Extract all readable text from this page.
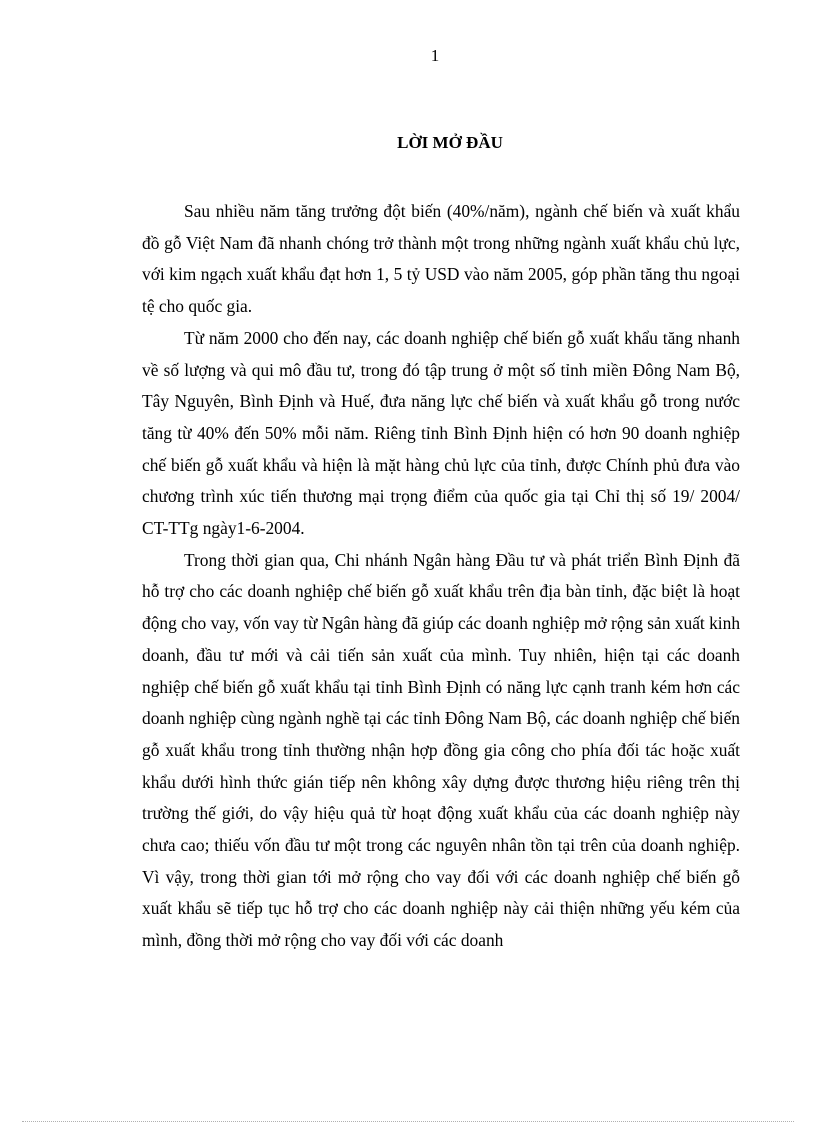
1
LỜI MỞ ĐẦU

Sau nhiều năm tăng trưởng đột biến (40%/năm), ngành chế biến và xuất khẩu đồ gỗ Việt Nam đã nhanh chóng trở thành một trong những ngành xuất khẩu chủ lực, với kim ngạch xuất khẩu đạt hơn 1, 5 tỷ USD vào năm 2005, góp phần tăng thu ngoại tệ cho quốc gia.

Từ năm 2000 cho đến nay, các doanh nghiệp chế biến gỗ xuất khẩu tăng nhanh về số lượng và qui mô đầu tư, trong đó tập trung ở một số tỉnh miền Đông Nam Bộ, Tây Nguyên, Bình Định và Huế, đưa năng lực chế biến và xuất khẩu gỗ trong nước tăng từ 40% đến 50% mỗi năm. Riêng tỉnh Bình Định hiện có hơn 90 doanh nghiệp chế biến gỗ xuất khẩu và hiện là mặt hàng chủ lực của tỉnh, được Chính phủ đưa vào chương trình xúc tiến thương mại trọng điểm của quốc gia tại Chỉ thị số 19/ 2004/ CT-TTg ngày1-6-2004.

Trong thời gian qua, Chi nhánh Ngân hàng Đầu tư và phát triển Bình Định đã hỗ trợ cho các doanh nghiệp chế biến gỗ xuất khẩu trên địa bàn tỉnh, đặc biệt là hoạt động cho vay, vốn vay từ Ngân hàng đã giúp các doanh nghiệp mở rộng sản xuất kinh doanh, đầu tư mới và cải tiến sản xuất của mình. Tuy nhiên, hiện tại các doanh nghiệp chế biến gỗ xuất khẩu tại tỉnh Bình Định có năng lực cạnh tranh kém hơn các doanh nghiệp cùng ngành nghề tại các tỉnh Đông Nam Bộ, các doanh nghiệp chế biến gỗ xuất khẩu trong tỉnh thường nhận hợp đồng gia công cho phía đối tác hoặc xuất khẩu dưới hình thức gián tiếp nên không xây dựng được thương hiệu riêng trên thị trường thế giới, do vậy hiệu quả từ hoạt động xuất khẩu của các doanh nghiệp này chưa cao; thiếu vốn đầu tư một trong các nguyên nhân tồn tại trên của doanh nghiệp. Vì vậy, trong thời gian tới mở rộng cho vay đối với các doanh nghiệp chế biến gỗ xuất khẩu sẽ tiếp tục hỗ trợ cho các doanh nghiệp này cải thiện những yếu kém của mình, đồng thời mở rộng cho vay đối với các doanh
